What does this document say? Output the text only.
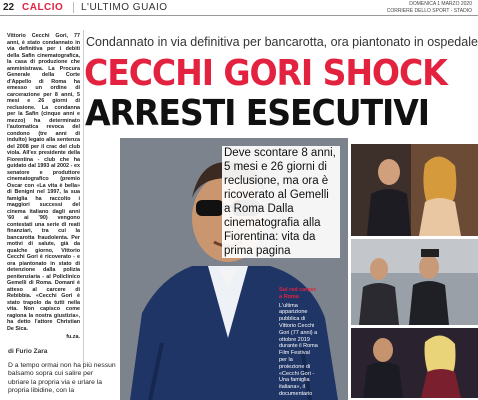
22 CALCIO L'ULTIMO GUAIO	DOMENICA 1 MARZO 2020
CORRIERE DELLO SPORT - STADIO
Vittorio Cecchi Gori, 77 anni, è stato condannato in via definitiva per i debiti della Safin cinematografica, la casa di produzione che amministrava. La Procura Generale della Corte d'Appello di Roma ha emesso un ordine di carcerazione per 8 anni, 5 mesi e 26 giorni di reclusione. La condanna per la Safin (cinque anni e mezzo) ha determinato l'automatica revoca del condono (tre anni di indulto) legato alla sentenza del 2008 per il crac del club viola. All'ex presidente della Fiorentina - club che ha guidato dal 1993 al 2002 - ex senatore e produttore cinematografico (premio Oscar con «La vita è bella» di Benigni nel 1997, la sua famiglia ha raccolto i maggiori successi del cinema italiano dagli anni '60 ai '90) vengono contestati una serie di reati finanziari, tra cui la bancarotta fraudolenta. Per motivi di salute, già da qualche giorno, Vittorio Cecchi Gori è ricoverato - e ora piantonato in stato di detenzione dalla polizia penitenziaria - al Policlinico Gemelli di Roma. Domani è atteso al carcere di Rebibbia. «Cecchi Gori è stato trapolo da tutti nella vita. Non capisco come ragiona la nostra giustizia», ha detto l'attore Christian De Sica.
fu.za.
Condannato in via definitiva per bancarotta, ora piantonato in ospedale
CECCHI GORI SHOCK
ARRESTI ESECUTIVI
Deve scontare 8 anni, 5 mesi e 26 giorni di reclusione, ma ora è ricoverato al Gemelli a Roma Dalla cinematografia alla Fiorentina: vita da prima pagina
Sul red carpet a Roma
L'ultima apparizione pubblica di Vittorio Cecchi Gori (77 anni) a ottobre 2019 durante il Roma Film Festival per la proiezione di «Cecchi Gori - Una famiglia italiana», il documentario
di Furio Zara
D a tempo ormai non ha più nessun balsamo sopra cui salire per ubriare la propria via e urlare la propria libidine, con la
